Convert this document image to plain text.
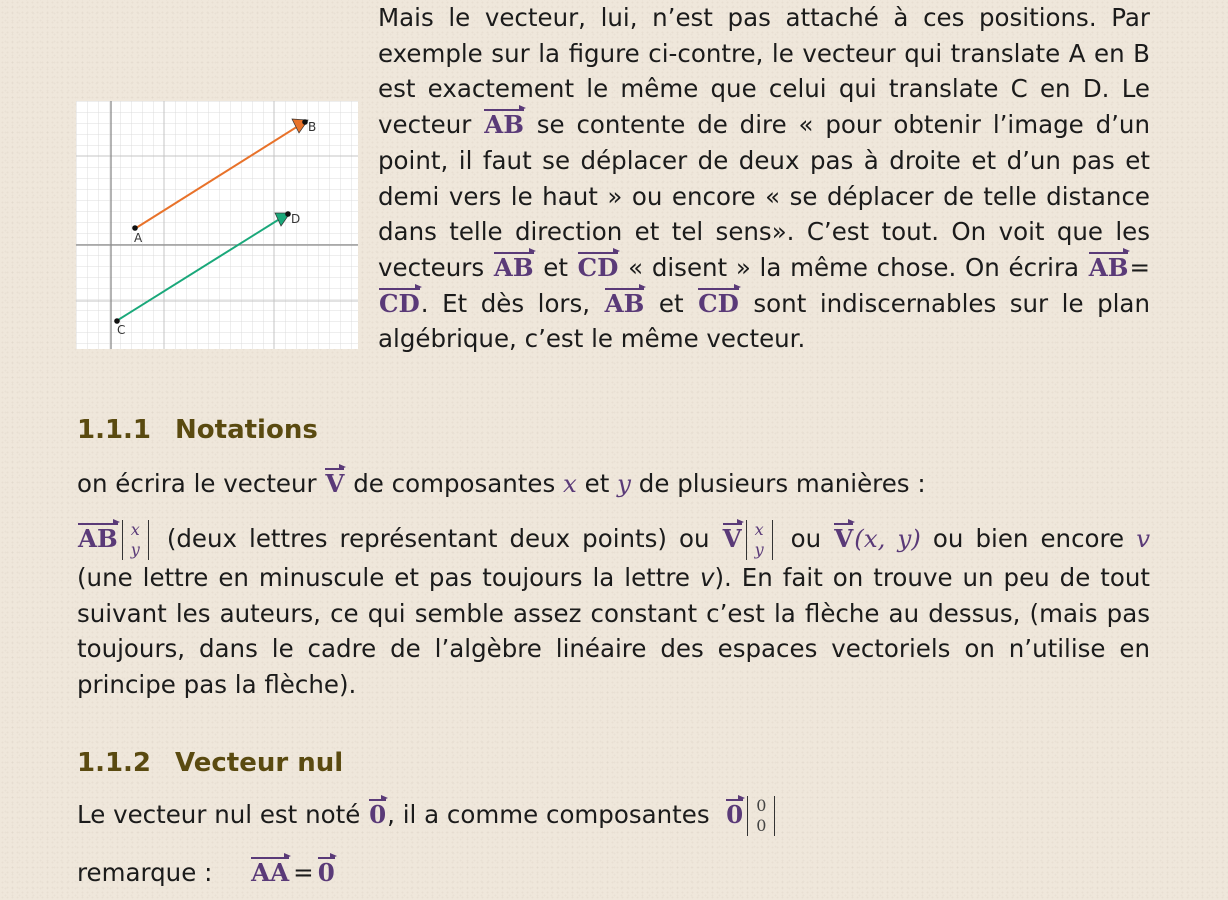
A
B
C
D

Mais le vecteur, lui, n’est pas attaché à ces positions. Par exemple sur la figure ci-contre, le vecteur qui translate A en B est exactement le même que celui qui translate C en D. Le vecteur AB se contente de dire « pour obtenir l’image d’un point, il faut se déplacer de deux pas à droite et d’un pas et demi vers le haut » ou encore « se déplacer de telle distance dans telle direction et tel sens». C’est tout. On voit que les vecteurs AB et CD « disent » la même chose. On écrira AB=CD. Et dès lors, AB et CD sont indiscernables sur le plan algébrique, c’est le même vecteur.

1.1.1 Notations

on écrira le vecteur V de composantes x et y de plusieurs manières :

AB x
y (deux lettres représentant deux points) ou V x
y ou V(x, y) ou bien encore v (une lettre en minuscule et pas toujours la lettre v). En fait on trouve un peu de tout suivant les auteurs, ce qui semble assez constant c’est la flèche au dessus, (mais pas toujours, dans le cadre de l’algèbre linéaire des espaces vectoriels on n’utilise en principe pas la flèche).

1.1.2 Vecteur nul

Le vecteur nul est noté 0, il a comme composantes 0 0
0

remarque : AA = 0
